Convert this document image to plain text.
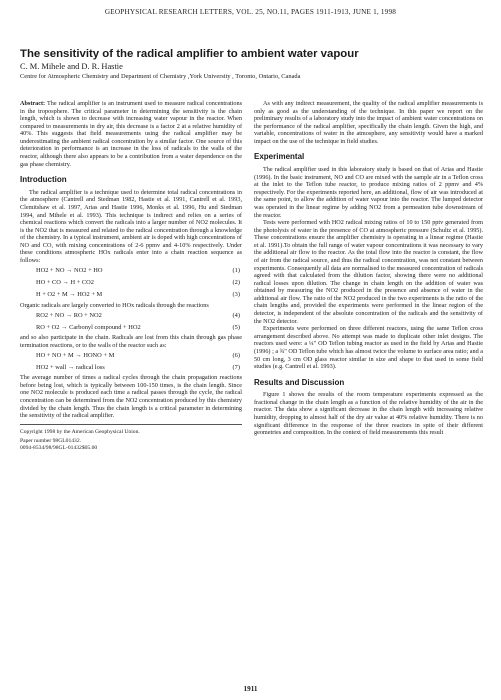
GEOPHYSICAL RESEARCH LETTERS, VOL. 25, NO.11, PAGES 1911-1913, JUNE 1, 1998
The sensitivity of the radical amplifier to ambient water vapour
C. M. Mihele and D. R. Hastie
Centre for Atmospheric Chemistry and Department of Chemistry ,York University , Toronto, Ontario, Canada

Abstract: The radical amplifier is an instrument used to measure radical concentrations in the troposphere. The critical parameter in determining the sensitivity is the chain length, which is shown to decrease with increasing water vapour in the reactor. When compared to measurements in dry air, this decrease is a factor 2 at a relative humidity of 40%. This suggests that field measurements using the radical amplifier may be underestimating the ambient radical concentration by a similar factor. One source of this deterioration in performance is an increase in the loss of radicals to the walls of the reactor, although there also appears to be a contribution from a water dependence on the gas phase chemistry.

Introduction

The radical amplifier is a technique used to determine total radical concentrations in the atmosphere (Cantrell and Stedman 1982, Hastie et al. 1991, Cantrell et al. 1993, Clemitshaw et al. 1997, Arias and Hastie 1996, Monks et al. 1996, Hu and Stedman 1994, and Mihele et al. 1993). This technique is indirect and relies on a series of chemical reactions which convert the radicals into a larger number of NO2 molecules. It is the NO2 that is measured and related to the radical concentration through a knowledge of the chemistry. In a typical instrument, ambient air is doped with high concentrations of NO and CO, with mixing concentrations of 2-6 ppmv and 4-10% respectively. Under these conditions atmospheric HOx radicals enter into a chain reaction sequence as follows:

HO2 + NO → NO2 + HO	(1)
HO + CO → H + CO2	(2)
H + O2 + M → HO2 + M	(3)

Organic radicals are largely converted to HOx radicals through the reactions

RO2 + NO → RO + NO2	(4)
RO + O2 → Carbonyl compound + HO2	(5)

and so also participate in the chain. Radicals are lost from this chain through gas phase termination reactions, or to the walls of the reactor such as:

HO + NO + M → HONO + M	(6)
HO2 + wall → radical loss	(7)

The average number of times a radical cycles through the chain propagation reactions before being lost, which is typically between 100-150 times, is the chain length. Since one NO2 molecule is produced each time a radical passes through the cycle, the radical concentration can be determined from the NO2 concentration produced by this chemistry divided by the chain length. Thus the chain length is a critical parameter in determining the sensitivity of the radical amplifier.

Copyright 1998 by the American Geophysical Union.
Paper number 98GL01432.
0094-8534/98/98GL-01432$05.00

As with any indirect measurement, the quality of the radical amplifier measurements is only as good as the understanding of the technique. In this paper we report on the preliminary results of a laboratory study into the impact of ambient water concentrations on the performance of the radical amplifier, specifically the chain length. Given the high, and variable, concentrations of water in the atmosphere, any sensitivity would have a marked impact on the use of the technique in field studies.

Experimental

The radical amplifier used in this laboratory study is based on that of Arias and Hastie (1996). In the basic instrument, NO and CO are mixed with the sample air in a Teflon cross at the inlet to the Teflon tube reactor, to produce mixing ratios of 2 ppmv and 4% respectively. For the experiments reported here, an additional, flow of air was introduced at the same point, to allow the addition of water vapour into the reactor. The lumped detector was operated in the linear regime by adding NO2 from a permeation tube downstream of the reactor.

Tests were performed with HO2 radical mixing ratios of 10 to 150 pptv generated from the photolysis of water in the presence of CO at atmospheric pressure (Schultz et al. 1995). These concentrations ensure the amplifier chemistry is operating in a linear regime (Hastie et al. 1991).To obtain the full range of water vapour concentrations it was necessary to vary the additional air flow to the reactor. As the total flow into the reactor is constant, the flow of air from the radical source, and thus the radical concentration, was not constant between experiments. Consequently all data are normalised to the measured concentration of radicals agreed with that calculated from the dilution factor, showing there were no additional radical losses upon dilution. The change in chain length on the addition of water was obtained by measuring the NO2 produced in the presence and absence of water in the additional air flow. The ratio of the NO2 produced in the two experiments is the ratio of the chain lengths and, provided the experiments were performed in the linear region of the detector, is independent of the absolute concentration of the radicals and the sensitivity of the NO2 detector.

Experiments were performed on three different reactors, using the same Teflon cross arrangement described above. No attempt was made to duplicate other inlet designs. The reactors used were: a ¼" OD Teflon tubing reactor as used in the field by Arias and Hastie (1996) ; a ¾" OD Teflon tube which has almost twice the volume to surface area ratio; and a 50 cm long, 3 cm OD glass reactor similar in size and shape to that used in some field studies (e.g. Cantrell et al. 1993).

Results and Discussion

Figure 1 shows the results of the room temperature experiments expressed as the fractional change in the chain length as a function of the relative humidity of the air in the reactor. The data show a significant decrease in the chain length with increasing relative humidity, dropping to almost half of the dry air value at 40% relative humidity. There is no significant difference in the response of the three reactors in spite of their different geometries and composition. In the context of field measurements this result

1911
